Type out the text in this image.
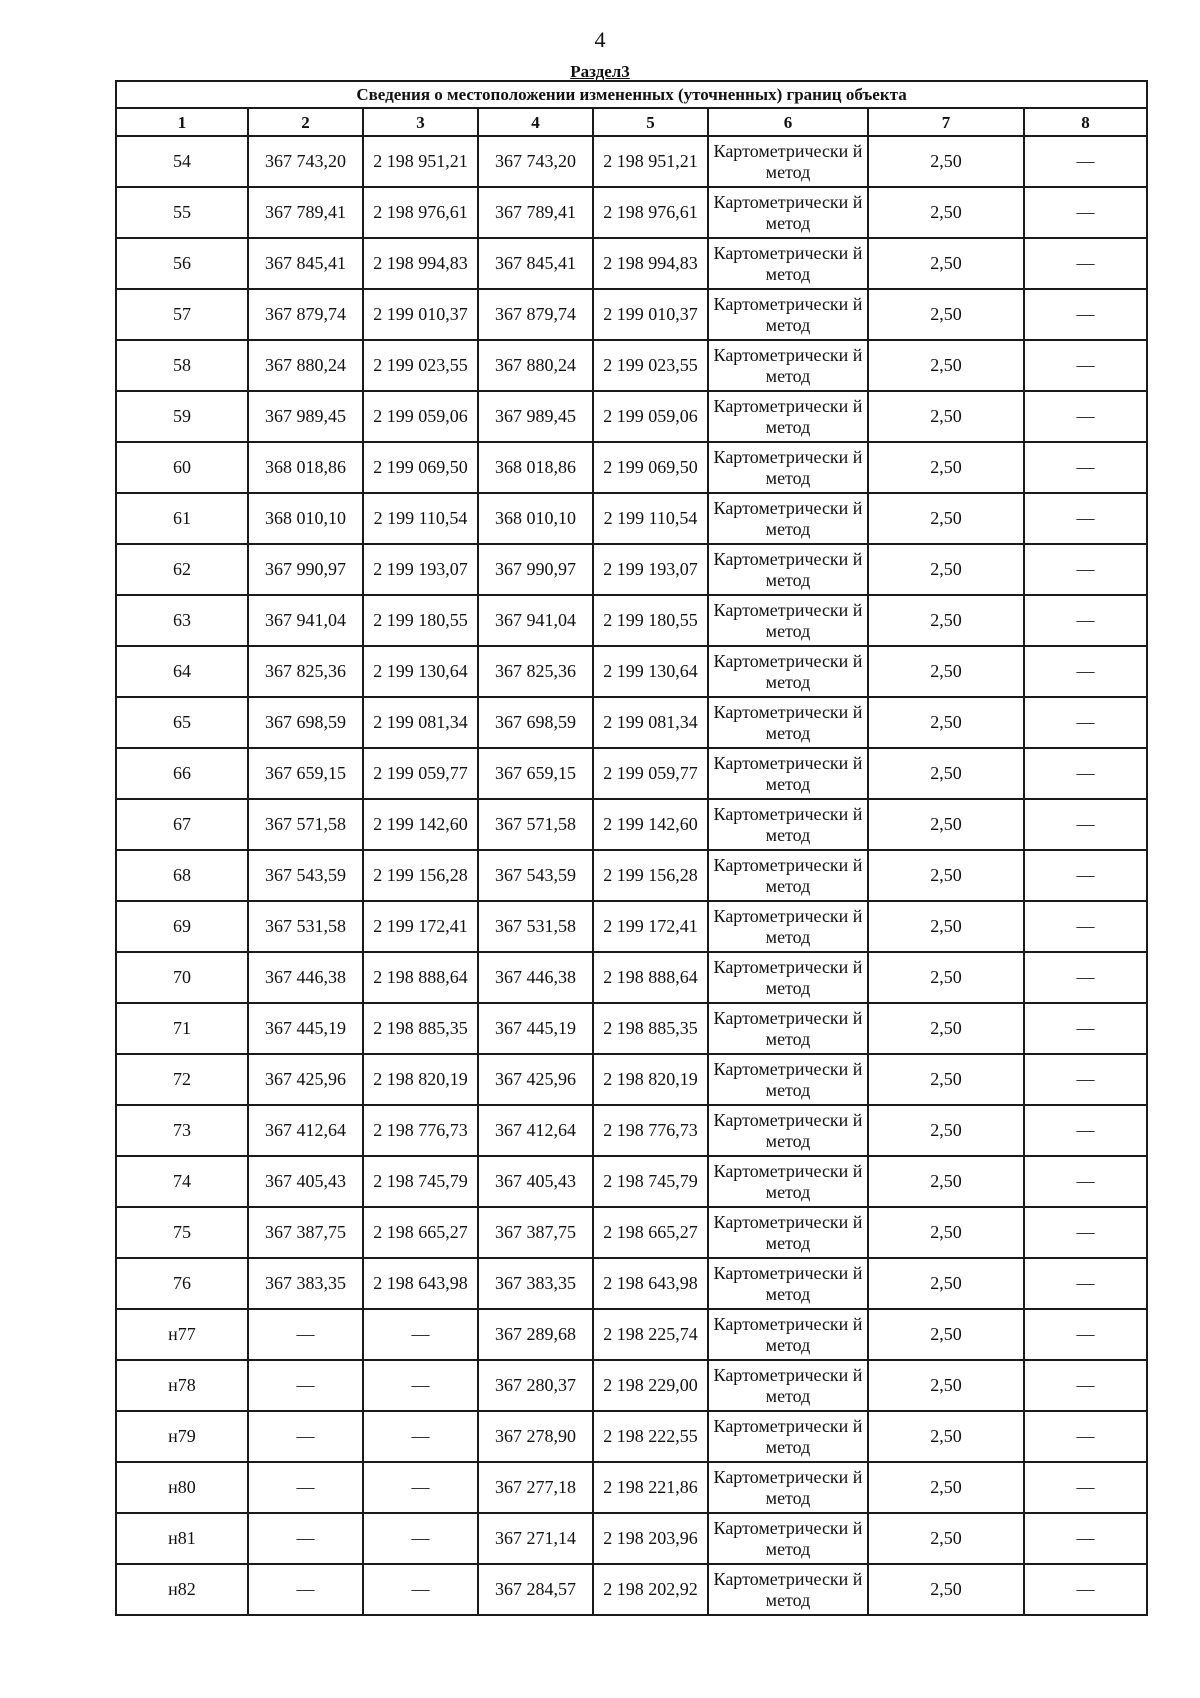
4
Раздел3
Сведения о местоположении измененных (уточненных) границ объекта							
1	2	3	4	5	6	7	8
54	367 743,20	2 198 951,21	367 743,20	2 198 951,21	Картометрически й метод	2,50	—
55	367 789,41	2 198 976,61	367 789,41	2 198 976,61	Картометрически й метод	2,50	—
56	367 845,41	2 198 994,83	367 845,41	2 198 994,83	Картометрически й метод	2,50	—
57	367 879,74	2 199 010,37	367 879,74	2 199 010,37	Картометрически й метод	2,50	—
58	367 880,24	2 199 023,55	367 880,24	2 199 023,55	Картометрически й метод	2,50	—
59	367 989,45	2 199 059,06	367 989,45	2 199 059,06	Картометрически й метод	2,50	—
60	368 018,86	2 199 069,50	368 018,86	2 199 069,50	Картометрически й метод	2,50	—
61	368 010,10	2 199 110,54	368 010,10	2 199 110,54	Картометрически й метод	2,50	—
62	367 990,97	2 199 193,07	367 990,97	2 199 193,07	Картометрически й метод	2,50	—
63	367 941,04	2 199 180,55	367 941,04	2 199 180,55	Картометрически й метод	2,50	—
64	367 825,36	2 199 130,64	367 825,36	2 199 130,64	Картометрически й метод	2,50	—
65	367 698,59	2 199 081,34	367 698,59	2 199 081,34	Картометрически й метод	2,50	—
66	367 659,15	2 199 059,77	367 659,15	2 199 059,77	Картометрически й метод	2,50	—
67	367 571,58	2 199 142,60	367 571,58	2 199 142,60	Картометрически й метод	2,50	—
68	367 543,59	2 199 156,28	367 543,59	2 199 156,28	Картометрически й метод	2,50	—
69	367 531,58	2 199 172,41	367 531,58	2 199 172,41	Картометрически й метод	2,50	—
70	367 446,38	2 198 888,64	367 446,38	2 198 888,64	Картометрически й метод	2,50	—
71	367 445,19	2 198 885,35	367 445,19	2 198 885,35	Картометрически й метод	2,50	—
72	367 425,96	2 198 820,19	367 425,96	2 198 820,19	Картометрически й метод	2,50	—
73	367 412,64	2 198 776,73	367 412,64	2 198 776,73	Картометрически й метод	2,50	—
74	367 405,43	2 198 745,79	367 405,43	2 198 745,79	Картометрически й метод	2,50	—
75	367 387,75	2 198 665,27	367 387,75	2 198 665,27	Картометрически й метод	2,50	—
76	367 383,35	2 198 643,98	367 383,35	2 198 643,98	Картометрически й метод	2,50	—
н77	—	—	367 289,68	2 198 225,74	Картометрически й метод	2,50	—
н78	—	—	367 280,37	2 198 229,00	Картометрически й метод	2,50	—
н79	—	—	367 278,90	2 198 222,55	Картометрически й метод	2,50	—
н80	—	—	367 277,18	2 198 221,86	Картометрически й метод	2,50	—
н81	—	—	367 271,14	2 198 203,96	Картометрически й метод	2,50	—
н82	—	—	367 284,57	2 198 202,92	Картометрически й метод	2,50	—
